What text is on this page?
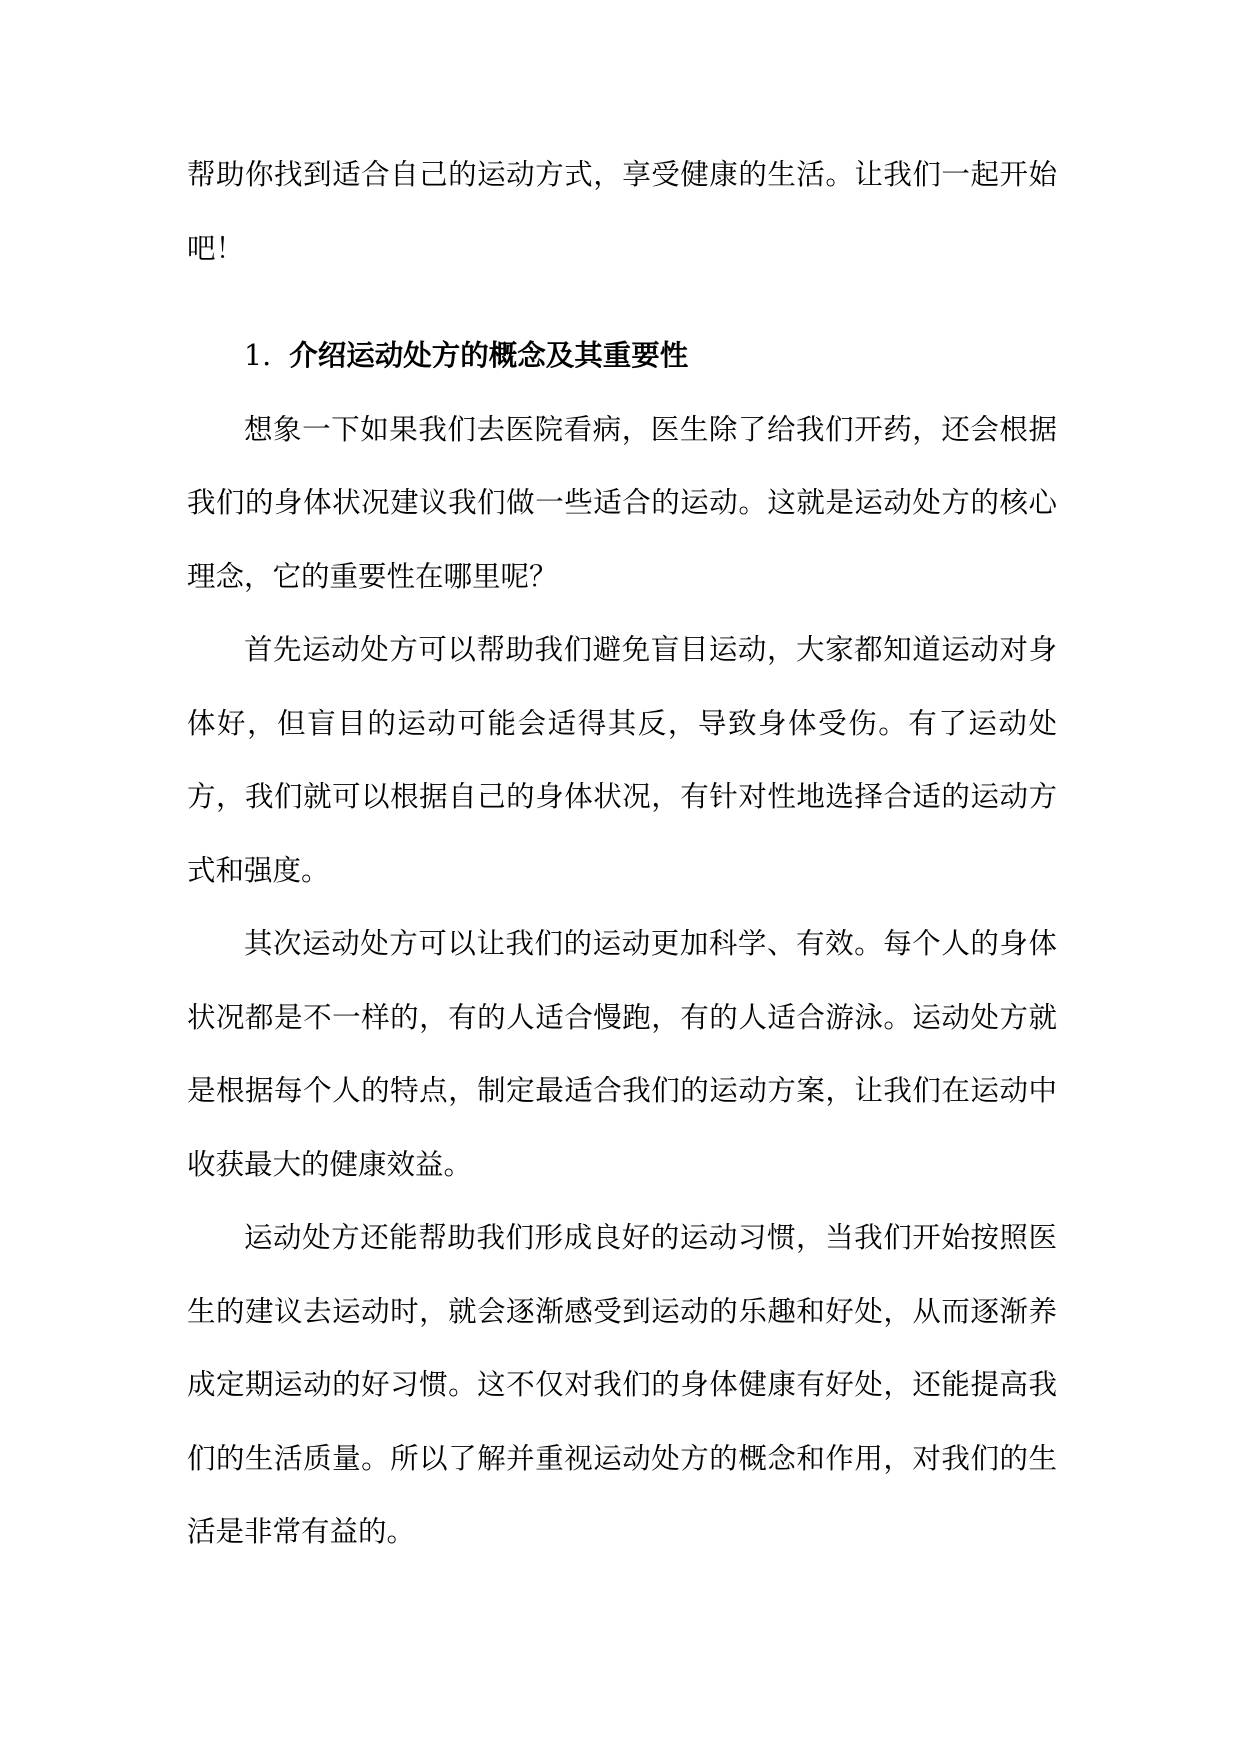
帮助你找到适合自己的运动方式，享受健康的生活。让我们一起开始吧！

1. 介绍运动处方的概念及其重要性

想象一下如果我们去医院看病，医生除了给我们开药，还会根据我们的身体状况建议我们做一些适合的运动。这就是运动处方的核心理念，它的重要性在哪里呢？

首先运动处方可以帮助我们避免盲目运动，大家都知道运动对身体好，但盲目的运动可能会适得其反，导致身体受伤。有了运动处方，我们就可以根据自己的身体状况，有针对性地选择合适的运动方式和强度。

其次运动处方可以让我们的运动更加科学、有效。每个人的身体状况都是不一样的，有的人适合慢跑，有的人适合游泳。运动处方就是根据每个人的特点，制定最适合我们的运动方案，让我们在运动中收获最大的健康效益。

运动处方还能帮助我们形成良好的运动习惯，当我们开始按照医生的建议去运动时，就会逐渐感受到运动的乐趣和好处，从而逐渐养成定期运动的好习惯。这不仅对我们的身体健康有好处，还能提高我们的生活质量。所以了解并重视运动处方的概念和作用，对我们的生活是非常有益的。
